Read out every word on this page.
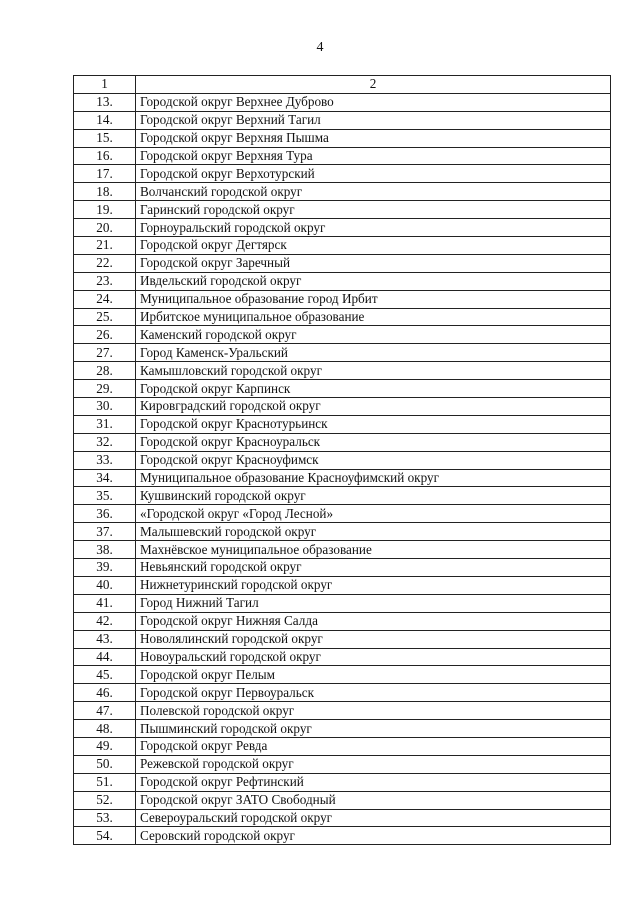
4
1	2
13.	Городской округ Верхнее Дуброво
14.	Городской округ Верхний Тагил
15.	Городской округ Верхняя Пышма
16.	Городской округ Верхняя Тура
17.	Городской округ Верхотурский
18.	Волчанский городской округ
19.	Гаринский городской округ
20.	Горноуральский городской округ
21.	Городской округ Дегтярск
22.	Городской округ Заречный
23.	Ивдельский городской округ
24.	Муниципальное образование город Ирбит
25.	Ирбитское муниципальное образование
26.	Каменский городской округ
27.	Город Каменск-Уральский
28.	Камышловский городской округ
29.	Городской округ Карпинск
30.	Кировградский городской округ
31.	Городской округ Краснотурьинск
32.	Городской округ Красноуральск
33.	Городской округ Красноуфимск
34.	Муниципальное образование Красноуфимский округ
35.	Кушвинский городской округ
36.	«Городской округ «Город Лесной»
37.	Малышевский городской округ
38.	Махнёвское муниципальное образование
39.	Невьянский городской округ
40.	Нижнетуринский городской округ
41.	Город Нижний Тагил
42.	Городской округ Нижняя Салда
43.	Новолялинский городской округ
44.	Новоуральский городской округ
45.	Городской округ Пелым
46.	Городской округ Первоуральск
47.	Полевской городской округ
48.	Пышминский городской округ
49.	Городской округ Ревда
50.	Режевской городской округ
51.	Городской округ Рефтинский
52.	Городской округ ЗАТО Свободный
53.	Североуральский городской округ
54.	Серовский городской округ
